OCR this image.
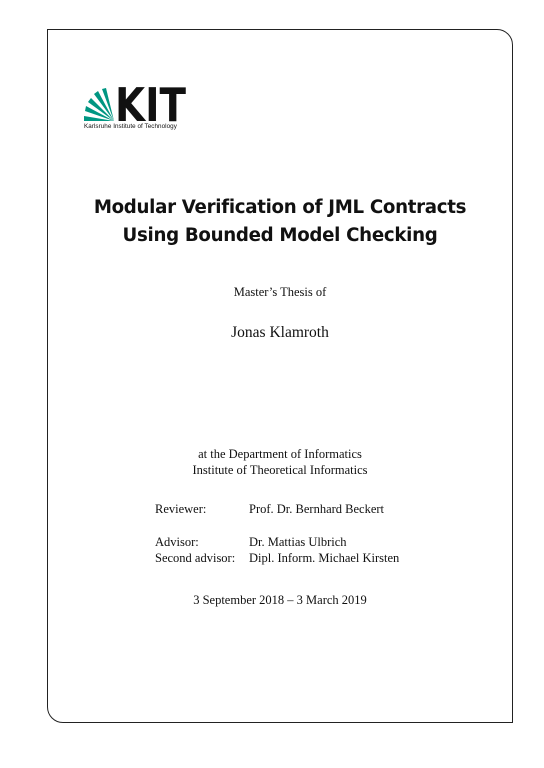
KIT
Karlsruhe Institute of Technology
Modular Verification of JML Contracts
Using Bounded Model Checking
Master’s Thesis of
Jonas Klamroth
at the Department of Informatics
Institute of Theoretical Informatics
Reviewer:	Prof. Dr. Bernhard Beckert
Advisor:	Dr. Mattias Ulbrich
Second advisor: Dipl. Inform. Michael Kirsten
3 September 2018 – 3 March 2019
